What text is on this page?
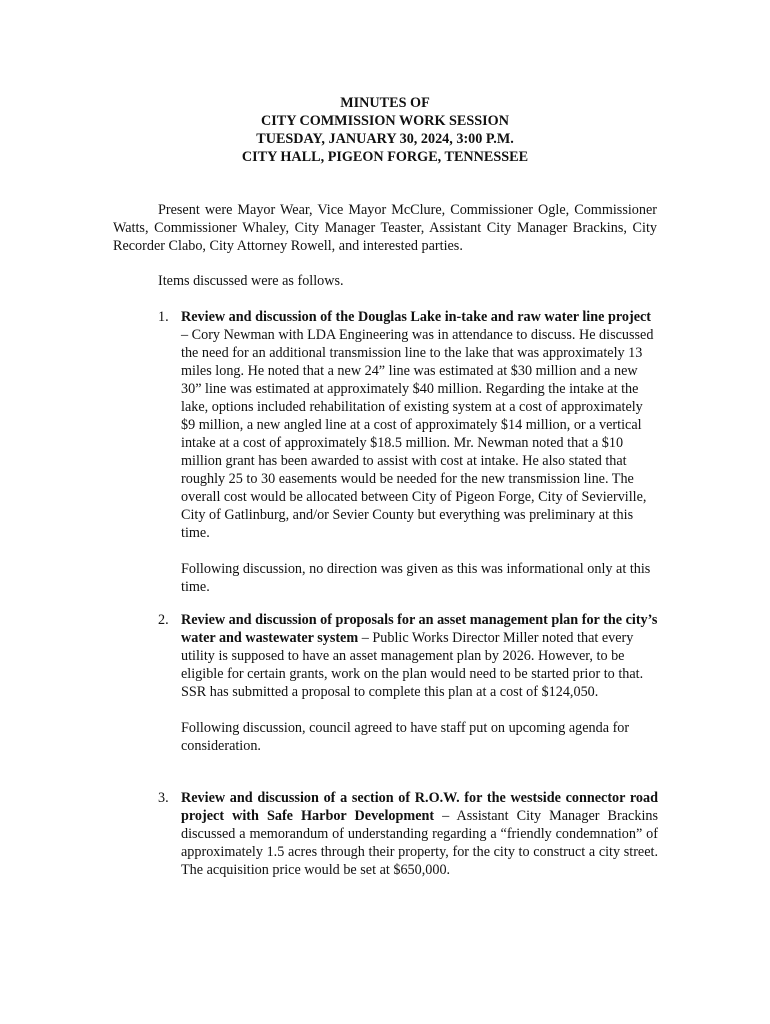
MINUTES OF
CITY COMMISSION WORK SESSION
TUESDAY, JANUARY 30, 2024, 3:00 P.M.
CITY HALL, PIGEON FORGE, TENNESSEE

Present were Mayor Wear, Vice Mayor McClure, Commissioner Ogle, Commissioner Watts, Commissioner Whaley, City Manager Teaster, Assistant City Manager Brackins, City Recorder Clabo, City Attorney Rowell, and interested parties.

Items discussed were as follows.
1. Review and discussion of the Douglas Lake in-take and raw water line project – Cory Newman with LDA Engineering was in attendance to discuss. He discussed the need for an additional transmission line to the lake that was approximately 13 miles long. He noted that a new 24” line was estimated at $30 million and a new 30” line was estimated at approximately $40 million. Regarding the intake at the lake, options included rehabilitation of existing system at a cost of approximately $9 million, a new angled line at a cost of approximately $14 million, or a vertical intake at a cost of approximately $18.5 million. Mr. Newman noted that a $10 million grant has been awarded to assist with cost at intake. He also stated that roughly 25 to 30 easements would be needed for the new transmission line. The overall cost would be allocated between City of Pigeon Forge, City of Sevierville, City of Gatlinburg, and/or Sevier County but everything was preliminary at this time.
Following discussion, no direction was given as this was informational only at this time.
2. Review and discussion of proposals for an asset management plan for the city’s water and wastewater system – Public Works Director Miller noted that every utility is supposed to have an asset management plan by 2026. However, to be eligible for certain grants, work on the plan would need to be started prior to that. SSR has submitted a proposal to complete this plan at a cost of $124,050.
Following discussion, council agreed to have staff put on upcoming agenda for consideration.
3. Review and discussion of a section of R.O.W. for the westside connector road project with Safe Harbor Development – Assistant City Manager Brackins discussed a memorandum of understanding regarding a “friendly condemnation” of approximately 1.5 acres through their property, for the city to construct a city street. The acquisition price would be set at $650,000.
